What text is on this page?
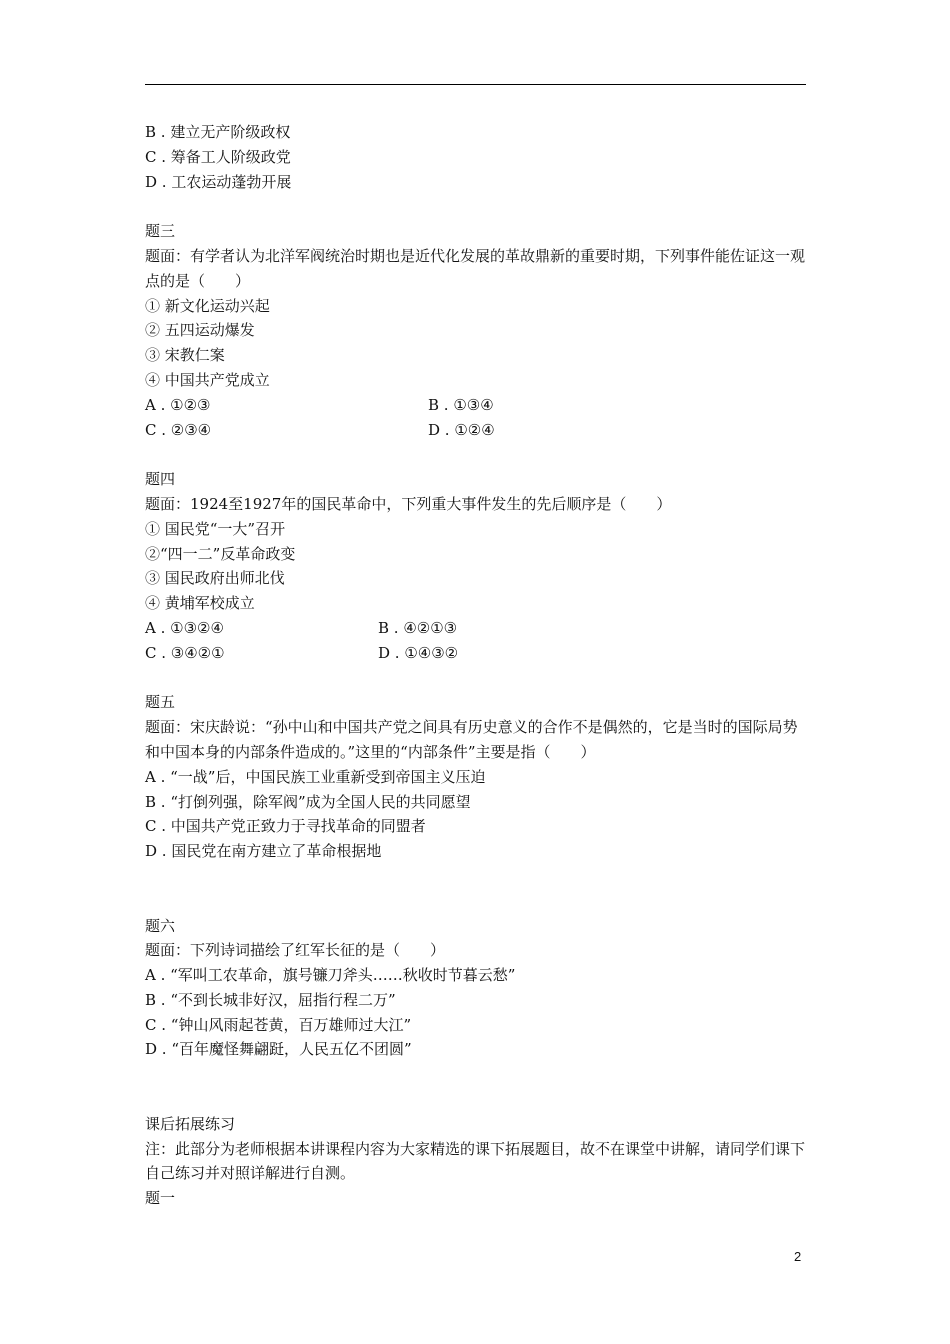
B . 建立无产阶级政权
C . 筹备工人阶级政党
D . 工农运动蓬勃开展
题三
题面：有学者认为北洋军阀统治时期也是近代化发展的革故鼎新的重要时期，下列事件能佐证这一观点的是（　　）
① 新文化运动兴起
② 五四运动爆发
③ 宋教仁案
④ 中国共产党成立
A . ①②③	B . ①③④
C . ②③④	D . ①②④
题四
题面：1924至1927年的国民革命中，下列重大事件发生的先后顺序是（　　）
① 国民党“一大”召开
②“四一二”反革命政变
③ 国民政府出师北伐
④ 黄埔军校成立
A . ①③②④	B . ④②①③
C . ③④②①	D . ①④③②
题五
题面：宋庆龄说：“孙中山和中国共产党之间具有历史意义的合作不是偶然的，它是当时的国际局势和中国本身的内部条件造成的。”这里的“内部条件”主要是指（　　）
A . “一战”后，中国民族工业重新受到帝国主义压迫
B . “打倒列强，除军阀”成为全国人民的共同愿望
C . 中国共产党正致力于寻找革命的同盟者
D . 国民党在南方建立了革命根据地
题六
题面：下列诗词描绘了红军长征的是（　　）
A . “军叫工农革命，旗号镰刀斧头……秋收时节暮云愁”
B . “不到长城非好汉，屈指行程二万”
C . “钟山风雨起苍黄，百万雄师过大江”
D . “百年魔怪舞翩跹，人民五亿不团圆”
课后拓展练习
注：此部分为老师根据本讲课程内容为大家精选的课下拓展题目，故不在课堂中讲解，请同学们课下自己练习并对照详解进行自测。
题一
2
